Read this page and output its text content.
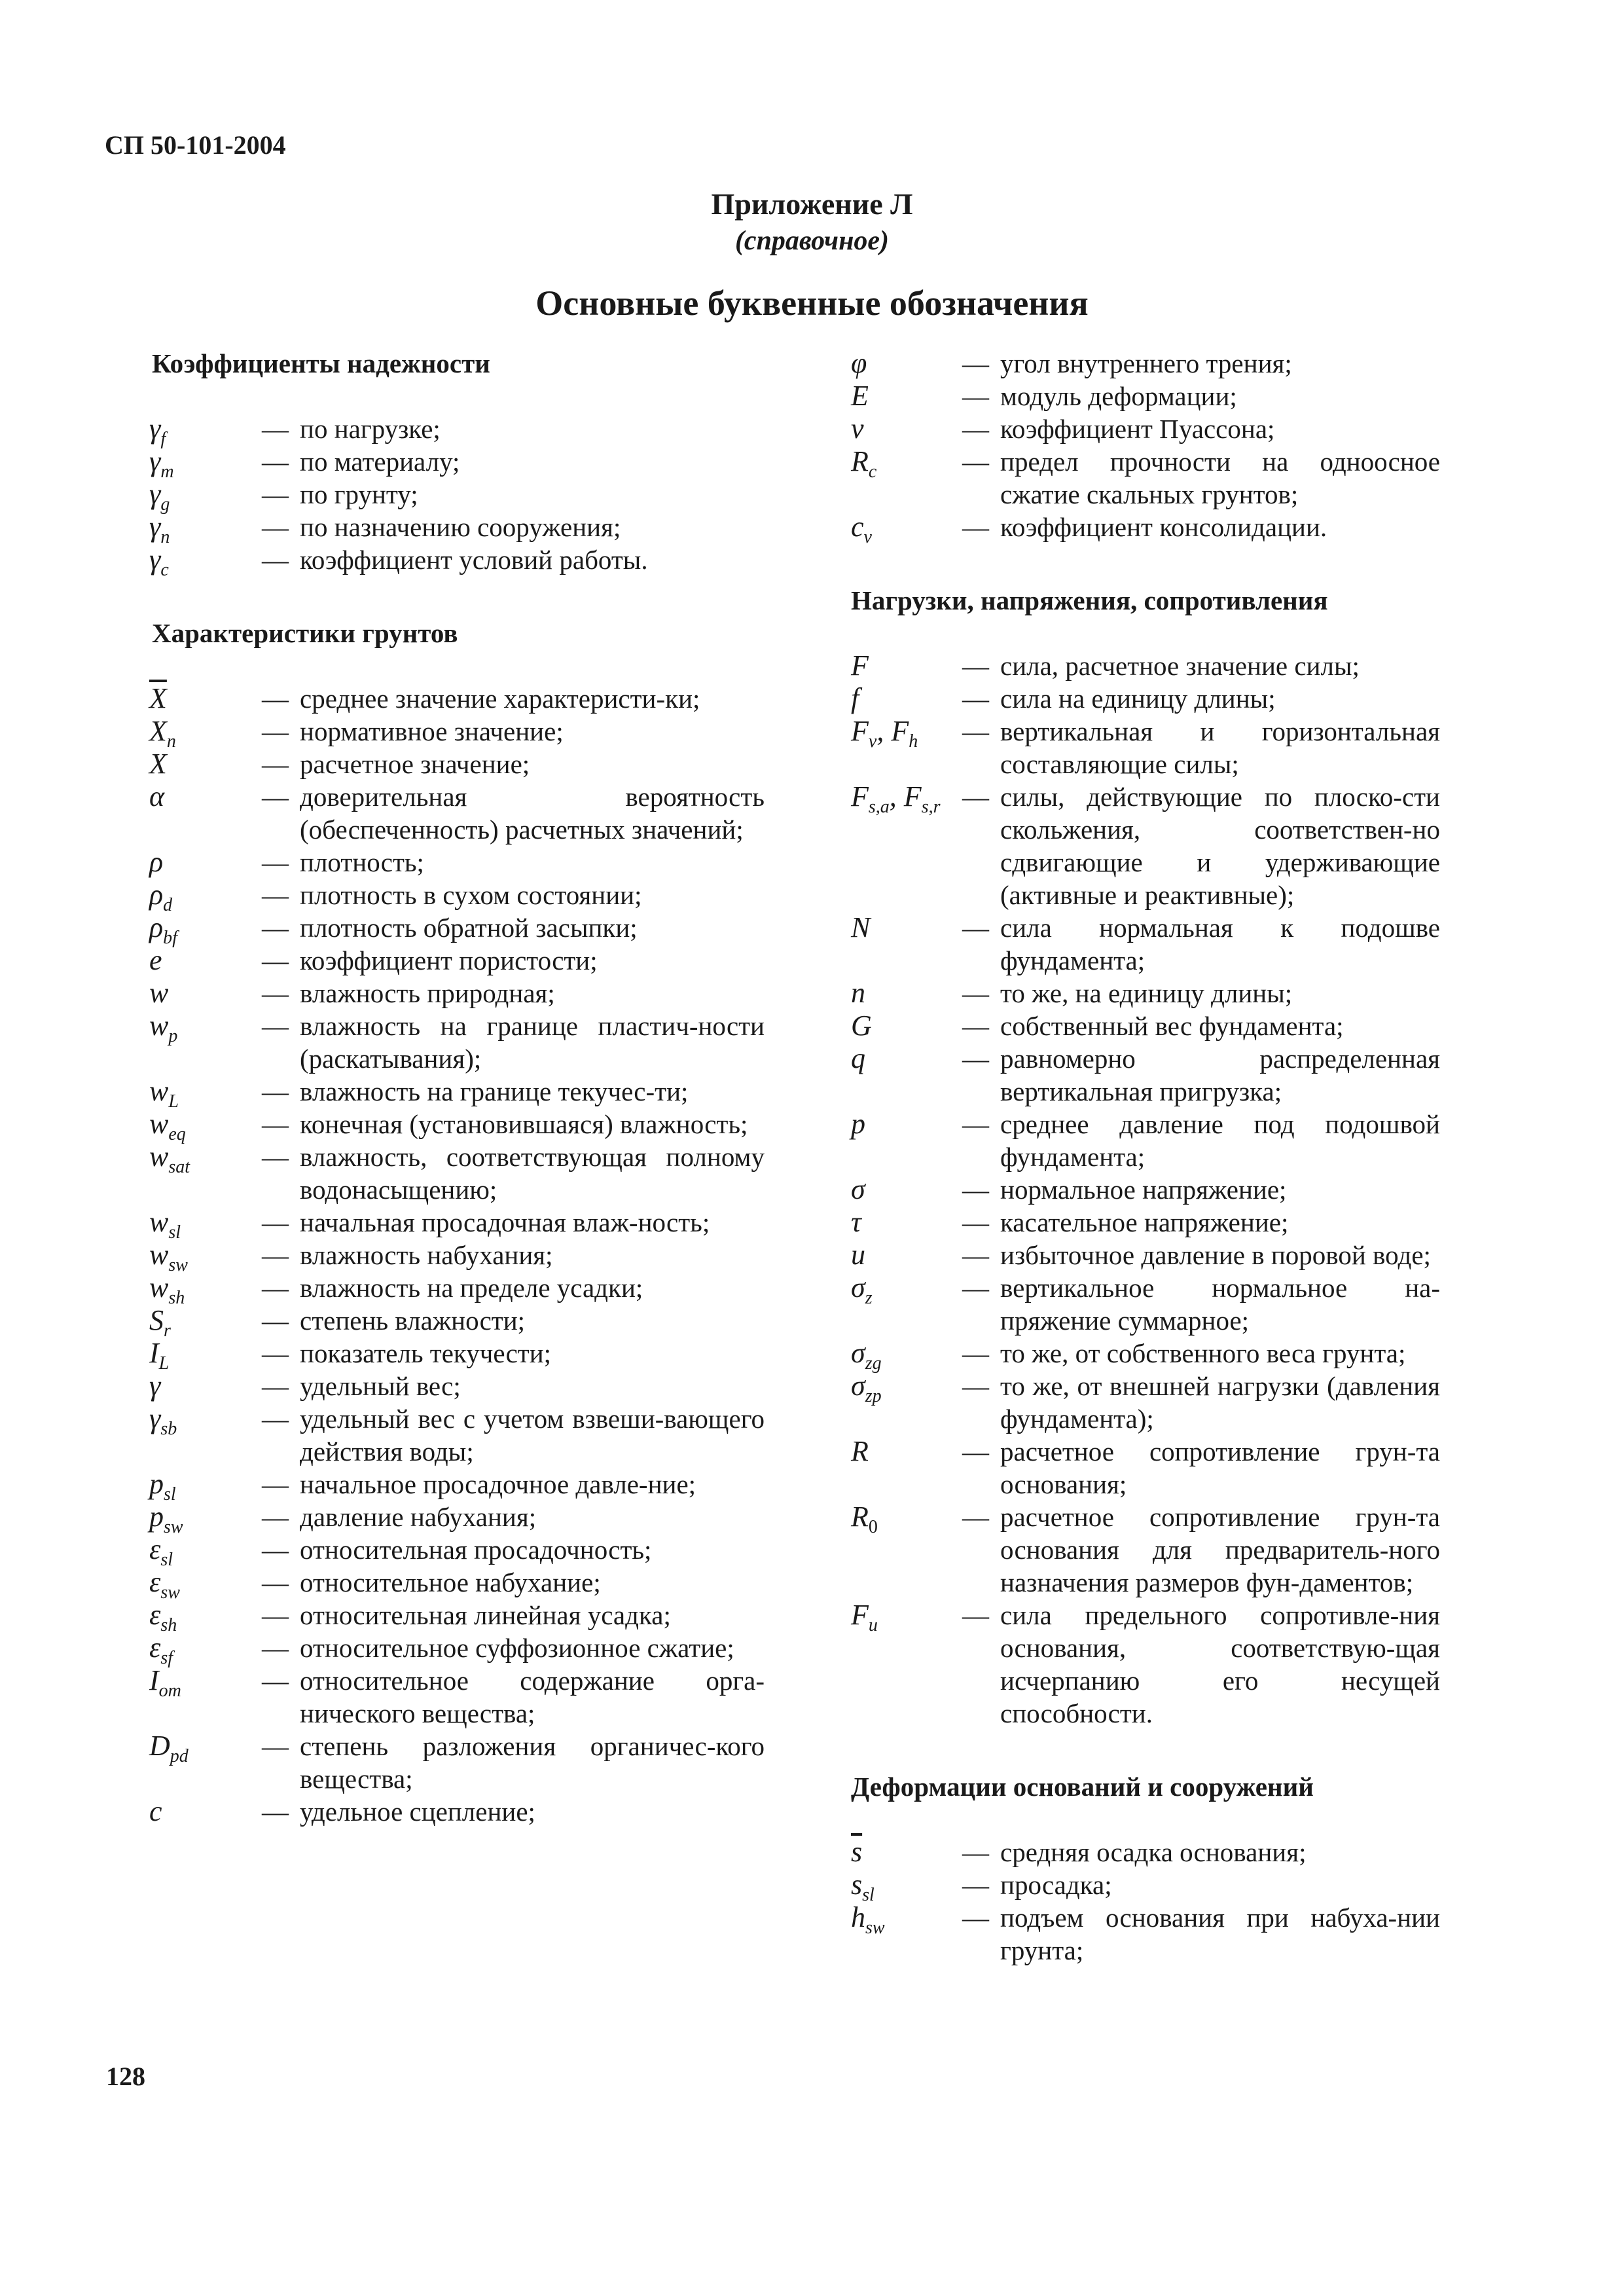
СП 50-101-2004
Приложение Л
(справочное)
Основные буквенные обозначения
Коэффициенты надежности
$\gamma_f$	— по нагрузке;
$\gamma_m$	— по материалу;
$\gamma_g$	— по грунту;
$\gamma_n$	— по назначению сооружения;
$\gamma_c$	— коэффициент условий работы.
Характеристики грунтов
$\overline{X}$	— среднее значение характеристи-ки;
$X_n$	— нормативное значение;
X	— расчетное значение;
α	— доверительная вероятность (обеспеченность) расчетных значений;
ρ	— плотность;
$\rho_d$	— плотность в сухом состоянии;
$\rho_{bf}$	— плотность обратной засыпки;
e	— коэффициент пористости;
w	— влажность природная;
$w_p$	— влажность на границе пластич-ности (раскатывания);
$w_L$	— влажность на границе текучес-ти;
$w_{eq}$	— конечная (установившаяся) влажность;
$w_{sat}$	— влажность, соответствующая полному водонасыщению;
$w_{sl}$	— начальная просадочная влаж-ность;
$w_{sw}$	— влажность набухания;
$w_{sh}$	— влажность на пределе усадки;
$S_r$	— степень влажности;
$I_L$	— показатель текучести;
γ	— удельный вес;
$\gamma_{sb}$	— удельный вес с учетом взвеши-вающего действия воды;
$p_{sl}$	— начальное просадочное давле-ние;
$p_{sw}$	— давление набухания;
$\varepsilon_{sl}$	— относительная просадочность;
$\varepsilon_{sw}$	— относительное набухание;
$\varepsilon_{sh}$	— относительная линейная усадка;
$\varepsilon_{sf}$	— относительное суффозионное сжатие;
$I_{om}$	— относительное содержание орга-нического вещества;
$D_{pd}$	— степень разложения органичес-кого вещества;
c	— удельное сцепление;
φ	— угол внутреннего трения;
E	— модуль деформации;
ν	— коэффициент Пуассона;
$R_c$	— предел прочности на одноосное сжатие скальных грунтов;
$c_v$	— коэффициент консолидации.
Нагрузки, напряжения, сопротивления
F	— сила, расчетное значение силы;
f	— сила на единицу длины;
$F_v$, $F_h$	— вертикальная и горизонтальная составляющие силы;
$F_{s,a}$, $F_{s,r}$ — силы, действующие по плоско-сти скольжения, соответствен-но сдвигающие и удерживающие (активные и реактивные);
N	— сила нормальная к подошве фундамента;
n	— то же, на единицу длины;
G	— собственный вес фундамента;
q	— равномерно распределенная вертикальная пригрузка;
p	— среднее давление под подошвой фундамента;
σ	— нормальное напряжение;
τ	— касательное напряжение;
u	— избыточное давление в поровой воде;
$\sigma_z$	— вертикальное нормальное на-пряжение суммарное;
$\sigma_{zg}$	— то же, от собственного веса грунта;
$\sigma_{zp}$	— то же, от внешней нагрузки (давления фундамента);
R	— расчетное сопротивление грун-та основания;
$R_0$	— расчетное сопротивление грун-та основания для предваритель-ного назначения размеров фун-даментов;
$F_u$	— сила предельного сопротивле-ния основания, соответствую-щая исчерпанию его несущей способности.
Деформации оснований и сооружений
$\overline{s}$	— средняя осадка основания;
$s_{sl}$	— просадка;
$h_{sw}$	— подъем основания при набуха-нии грунта;
128
